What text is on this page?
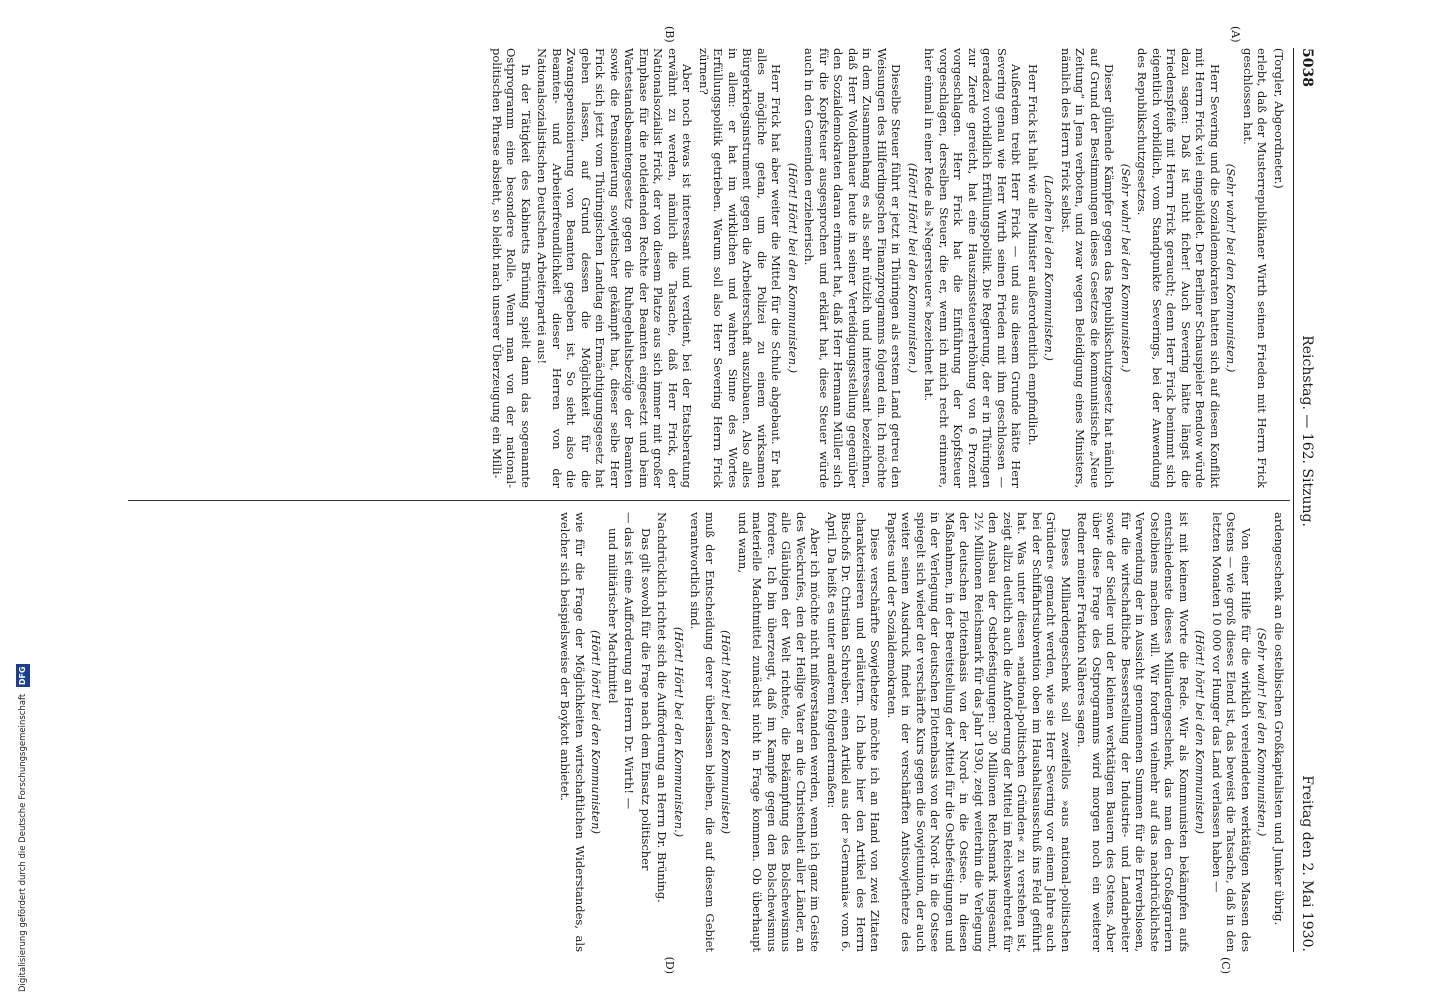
5038
Reichstag. — 162. Sitzung.
Freitag den 2. Mai 1930.
(A)
(B)

(Torgler, Abgeordneter.)

erlebt, daß der Musterrepublikaner Wirth seinen Frieden mit Herrn Frick geschlossen hat.

(Sehr wahr! bei den Kommunisten.)

Herr Severing und die Sozialdemokraten hatten sich auf diesen Konflikt mit Herrn Frick viel eingebildet. Der Berliner Schauspieler Bendow würde dazu sagen: Daß ist nicht ficher! Auch Severing hätte längst die Friedenspfeife mit Herrn Frick geraucht; denn Herr Frick benimmt sich eigentlich vorbildlich, vom Standpunkte Severings, bei der Anwendung des Republikschutzgesetzes.

(Sehr wahr! bei den Kommunisten.)

Dieser glühende Kämpfer gegen das Republikschutzgesetz hat nämlich auf Grund der Bestimmungen dieses Gesetzes die kommunistische „Neue Zeitung“ in Jena verboten, und zwar wegen Beleidigung eines Ministers, nämlich des Herrn Frick selbst.

(Lachen bei den Kommunisten.)

Herr Frick ist halt wie alle Minister außerordentlich empfindlich.

Außerdem treibt Herr Frick — und aus diesem Grunde hätte Herr Severing genau wie Herr Wirth seinen Frieden mit ihm geschlossen — geradezu vorbildlich Erfüllungspolitik. Die Regierung, der er in Thüringen zur Zierde gereicht, hat eine Hauszinssteuererhöhung von 6 Prozent vorgeschlagen. Herr Frick hat die Einführung der Kopfsteuer vorgeschlagen, derselben Steuer, die er, wenn ich mich recht erinnere, hier einmal in einer Rede als »Negersteuer« bezeichnet hat.

(Hört! Hört! bei den Kommunisten.)

Dieselbe Steuer führt er jetzt in Thüringen als erstem Land getreu den Weisungen des Hilferdingschen Finanzprogramms folgend ein. Ich möchte in dem Zusammenhang es als sehr nützlich und interessant bezeichnen, daß Herr Woldenhauer heute in seiner Verteidigungsstellung gegenüber den Sozialdemokraten daran erinnert hat, daß Herr Hermann Müller sich für die Kopfsteuer ausgesprochen und erklärt hat, diese Steuer würde auch in den Gemeinden erzieherisch.

(Hört! Hört! bei den Kommunisten.)

Herr Frick hat aber weiter die Mittel für die Schule abgebaut. Er hat alles mögliche getan, um die Polizei zu einem wirksamen Bürgerkriegsinstrument gegen die Arbeiterschaft auszubauen. Also alles in allem: er hat im wirklichen und wahren Sinne des Wortes Erfüllungspolitik getrieben. Warum soll also Herr Severing Herrn Frick zürnen?

Aber noch etwas ist interessant und verdient, bei der Etatsberatung erwähnt zu werden, nämlich die Tatsache, daß Herr Frick, der Nationalsozialist Frick, der von diesem Platze aus sich immer mit großer Emphase für die notleidenden Rechte der Beamten eingesetzt und beim Wartestandsbeamtengesetz gegen die Ruhegehaltsbezüge der Beamten sowie die Pensionierung sowjetischer gekämpft hat, dieser selbe Herr Frick sich jetzt vom Thüringischen Landtag ein Ermächtigungsgesetz hat geben lassen, auf Grund dessen die Möglichkeit für die Zwangspensionierung von Beamten gegeben ist. So sieht also die Beamten- und Arbeiterfreundlichkeit dieser Herren von der Nationalsozialistischen Deutschen Arbeiterpartei aus!

In der Tätigkeit des Kabinetts Brüning spielt dann das sogenannte Ostprogramm eine besondere Rolle. Wenn man von der national-politischen Phrase absieht, so bleibt nach unserer Überzeugung ein Milli-

(C)
(D)

ardengeschenk an die ostelbischen Großkapitalisten und Junker übrig.

(Sehr wahr! bei den Kommunisten.)

Von einer Hilfe für die wirklich verelendeten werktätigen Massen des Ostens — wie groß dieses Elend ist, das beweist die Tatsache, daß in den letzten Monaten 10 000 vor Hunger das Land verlassen haben —

(Hört! hört! bei den Kommunisten)

ist mit keinem Worte die Rede. Wir als Kommunisten bekämpfen aufs entschiedenste dieses Milliardengeschenk, das man den Großagrariern Ostelbiens machen will. Wir fordern vielmehr auf das nachdrücklichste Verwendung der in Aussicht genommenen Summen für die Erwerbslosen, für die wirtschaftliche Besserstellung der Industrie- und Landarbeiter sowie der Siedler und der kleinen werktätigen Bauern des Ostens. Aber über diese Frage des Ostprogramms wird morgen noch ein weiterer Redner meiner Fraktion Näheres sagen.

Dieses Milliardengeschenk soll zweifellos »aus national-politischen Gründen« gemacht werden, wie sie Herr Severing vor einem Jahre auch bei der Schiffahrtsubvention oben im Haushaltsausschuß ins Feld geführt hat. Was unter diesen »national-politischen Gründen« zu verstehen ist, zeigt allzu deutlich auch die Anforderung der Mittel im Reichswehretat für den Ausbau der Ostbefestigungen: 30 Millionen Reichsmark insgesamt, 2½ Millionen Reichsmark für das Jahr 1930, zeigt weiterhin die Verlegung der deutschen Flottenbasis von der Nord- in die Ostsee. In diesen Maßnahmen, in der Bereitstellung der Mittel für die Ostbefestigungen und in der Verlegung der deutschen Flottenbasis von der Nord- in die Ostsee spiegelt sich wieder der verschärfte Kurs gegen die Sowjetunion, der auch weiter seinen Ausdruck findet in der verschärften Antisowjethetze des Papstes und der Sozialdemokraten.

Diese verschärfte Sowjethetze möchte ich an Hand von zwei Zitaten charakterisieren und erläutern. Ich habe hier den Artikel des Herrn Bischofs Dr. Christian Schreiber, einen Artikel aus der »Germania« vom 6. April. Da heißt es unter anderem folgendermaßen:

Aber ich möchte nicht mißverstanden werden, wenn ich ganz im Geiste des Weckrufes, den der Heilige Vater an die Christenheit aller Länder, an alle Gläubigen der Welt richtete, die Bekämpfung des Bolschewismus fordere. Ich bin überzeugt, daß im Kampfe gegen den Bolschewismus materielle Machtmittel zunächst nicht in Frage kommen. Ob überhaupt und wann,

(Hört! hört! bei den Kommunisten)

muß der Entscheidung derer überlassen bleiben, die auf diesem Gebiet verantwortlich sind.

(Hört! Hört! bei den Kommunisten.)

Nachdrücklich richtet sich die Aufforderung an Herrn Dr. Brüning.

Das gilt sowohl für die Frage nach dem Einsatz politischer

— das ist eine Aufforderung an Herrn Dr. Wirth! —

und militärischer Machtmittel

(Hört! hört! bei den Kommunisten)

wie für die Frage der Möglichkeiten wirtschaftlichen Widerstandes, als welcher sich beispielsweise der Boykott anbietet.

Digitalisierung gefördert durch die Deutsche Forschungsgemeinschaft DFG
